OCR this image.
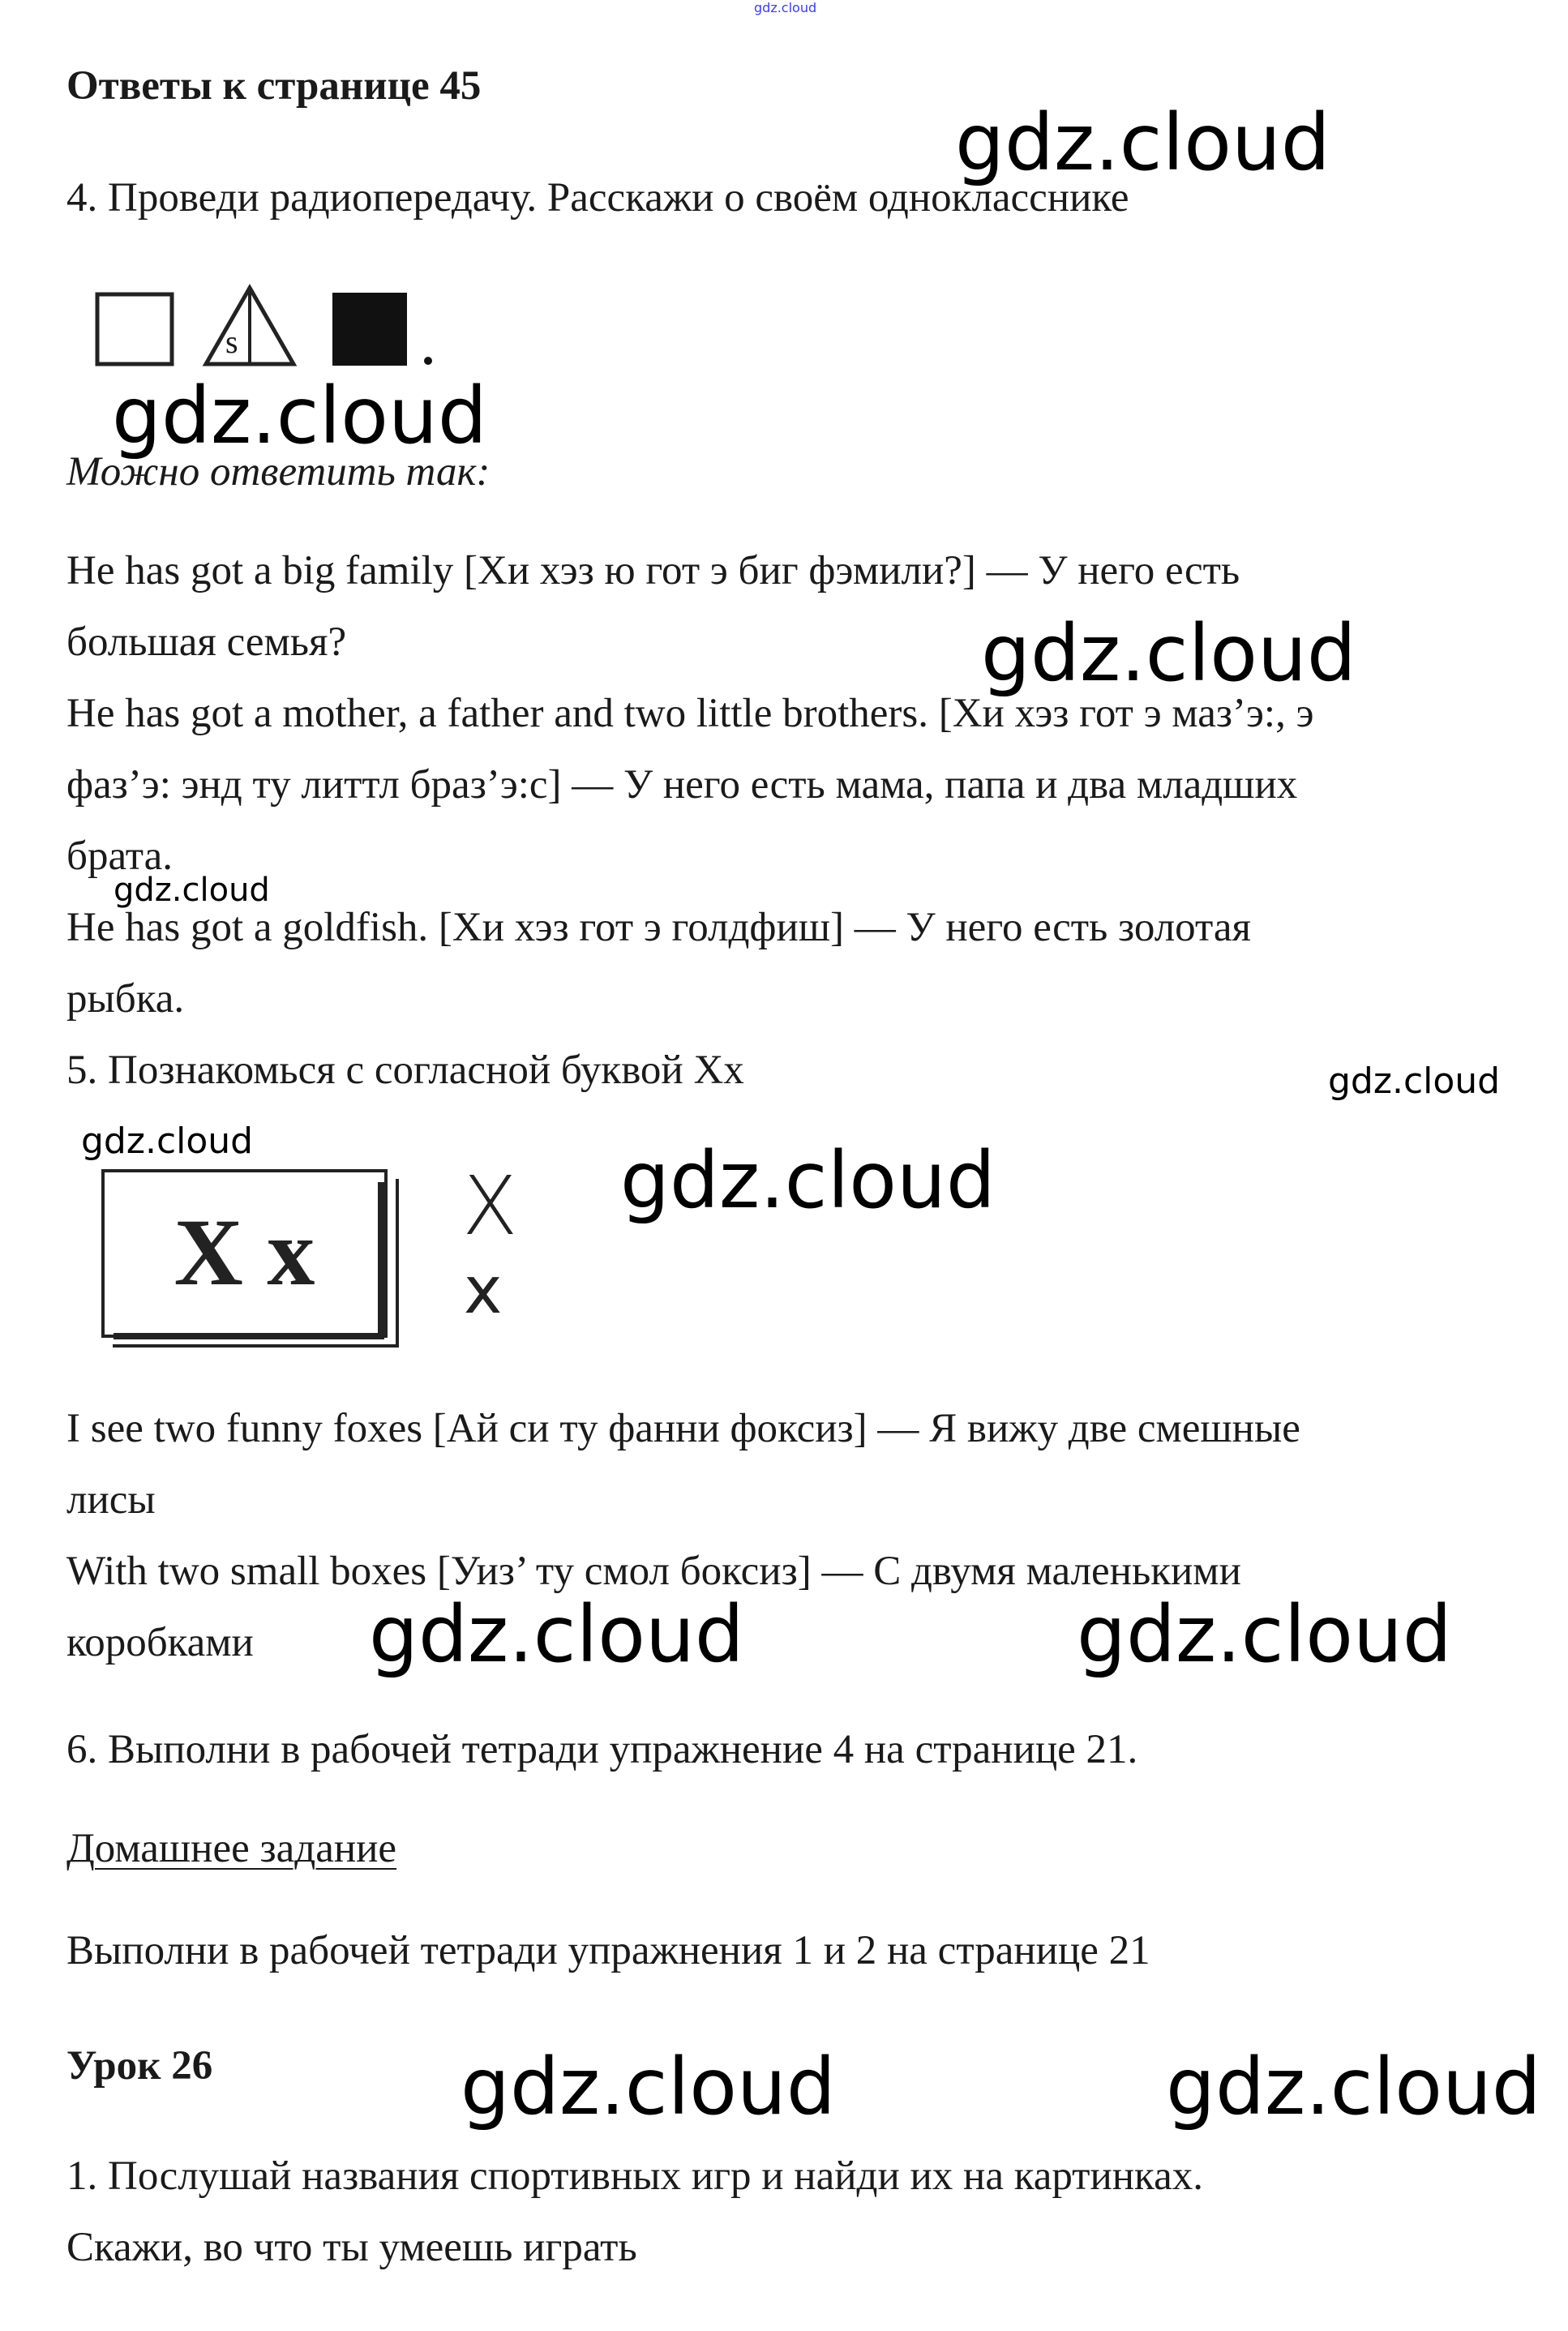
gdz.cloud
Ответы к странице 45
4. Проведи радиопередачу. Расскажи о своём однокласснике
s
Можно ответить так:
He has got a big family [Хи хэз ю гот э биг фэмили?] — У него есть
большая семья?
He has got a mother, a father and two little brothers. [Хи хэз гот э маз’э:, э
фаз’э: энд ту литтл браз’э:с] — У него есть мама, папа и два младших
брата.
He has got a goldfish. [Хи хэз гот э голдфиш] — У него есть золотая
рыбка.
5. Познакомься с согласной буквой Xx
X x	X
x
I see two funny foxes [Ай си ту фанни фоксиз] — Я вижу две смешные
лисы
With two small boxes [Уиз’ ту смол боксиз] — С двумя маленькими
коробками
6. Выполни в рабочей тетради упражнение 4 на странице 21.
Домашнее задание
Выполни в рабочей тетради упражнения 1 и 2 на странице 21
Урок 26
1. Послушай названия спортивных игр и найди их на картинках.
Скажи, во что ты умеешь играть
gdz.cloud
gdz.cloud
gdz.cloud
gdz.cloud
gdz.cloud
gdz.cloud	gdz.cloud
gdz.cloud	gdz.cloud
gdz.cloud	gdz.cloud
